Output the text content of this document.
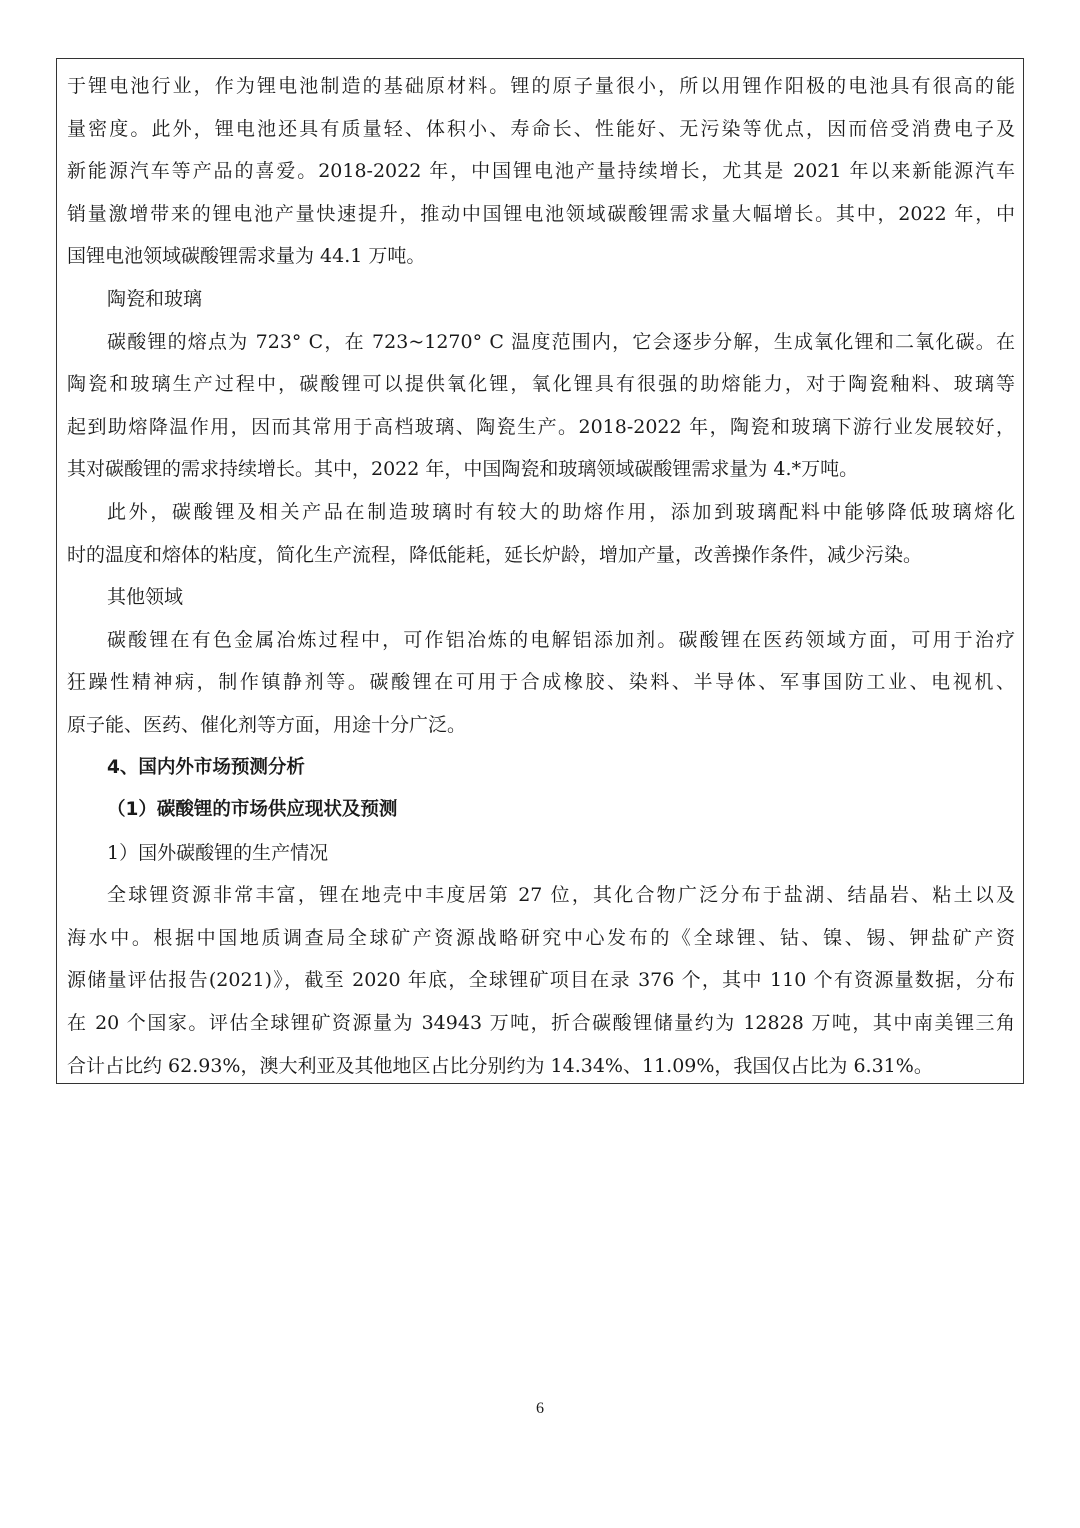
于锂电池行业，作为锂电池制造的基础原材料。锂的原子量很小，所以用锂作阳极的电池具有很高的能
量密度。此外，锂电池还具有质量轻、体积小、寿命长、性能好、无污染等优点，因而倍受消费电子及
新能源汽车等产品的喜爱。2018-2022 年，中国锂电池产量持续增长，尤其是 2021 年以来新能源汽车
销量激增带来的锂电池产量快速提升，推动中国锂电池领域碳酸锂需求量大幅增长。其中，2022 年，中
国锂电池领域碳酸锂需求量为 44.1 万吨。
陶瓷和玻璃
碳酸锂的熔点为 723° C，在 723~1270° C 温度范围内，它会逐步分解，生成氧化锂和二氧化碳。在
陶瓷和玻璃生产过程中，碳酸锂可以提供氧化锂，氧化锂具有很强的助熔能力，对于陶瓷釉料、玻璃等
起到助熔降温作用，因而其常用于高档玻璃、陶瓷生产。2018-2022 年，陶瓷和玻璃下游行业发展较好，
其对碳酸锂的需求持续增长。其中，2022 年，中国陶瓷和玻璃领域碳酸锂需求量为 4.*万吨。
此外，碳酸锂及相关产品在制造玻璃时有较大的助熔作用，添加到玻璃配料中能够降低玻璃熔化
时的温度和熔体的粘度，简化生产流程，降低能耗，延长炉龄，增加产量，改善操作条件，减少污染。
其他领域
碳酸锂在有色金属冶炼过程中，可作铝冶炼的电解铝添加剂。碳酸锂在医药领域方面，可用于治疗
狂躁性精神病，制作镇静剂等。碳酸锂在可用于合成橡胶、染料、半导体、军事国防工业、电视机、
原子能、医药、催化剂等方面，用途十分广泛。
4、国内外市场预测分析
（1）碳酸锂的市场供应现状及预测
1）国外碳酸锂的生产情况
全球锂资源非常丰富，锂在地壳中丰度居第 27 位，其化合物广泛分布于盐湖、结晶岩、粘土以及
海水中。根据中国地质调查局全球矿产资源战略研究中心发布的《全球锂、钴、镍、锡、钾盐矿产资
源储量评估报告(2021)》，截至 2020 年底，全球锂矿项目在录 376 个，其中 110 个有资源量数据，分布
在 20 个国家。评估全球锂矿资源量为 34943 万吨，折合碳酸锂储量约为 12828 万吨，其中南美锂三角
合计占比约 62.93%，澳大利亚及其他地区占比分别约为 14.34%、11.09%，我国仅占比为 6.31%。
6
